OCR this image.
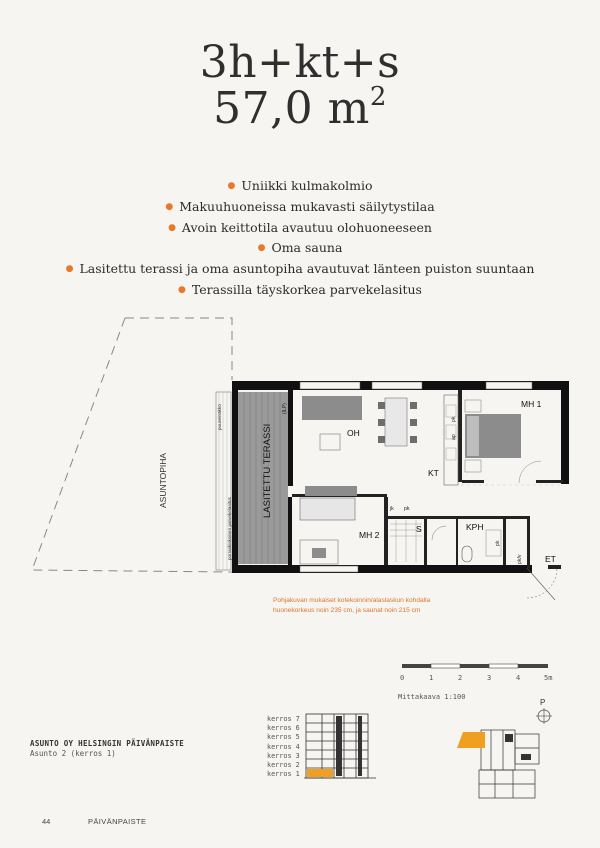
3h+kt+s
57,0 $m^2$
● Uniikki kulmakolmio
● Makuuhuoneissa mukavasti säilytystilaa
● Avoin keittotila avautuu olohuoneeseen
● Oma sauna
● Lasitettu terassi ja oma asuntopiha avautuvat länteen puiston suuntaan
● Terassilla täyskorkea parvekelasitus
ASUNTOPIHA
puuseinäkkö
porraskiskoinen parvekelasitus
LASITETTU TERASSI
(ILP)
OH
MH 1
KT
MH 2
KPH
ET
S
pk
jk
pk
pk
ap
pk/v
Pohjakuvan mukaiset kotekoinnin/alaslaskun kohdalla huonekorkeus noin 235 cm, ja saunat noin 215 cm
0	1	2	3	4	5m
Mittakaava 1:100
P
ASUNTO OY HELSINGIN PÄIVÄNPAISTE
Asunto 2 (kerros 1)
kerros 7
kerros 6
kerros 5
kerros 4
kerros 3
kerros 2
kerros 1
44	PÄIVÄNPAISTE
